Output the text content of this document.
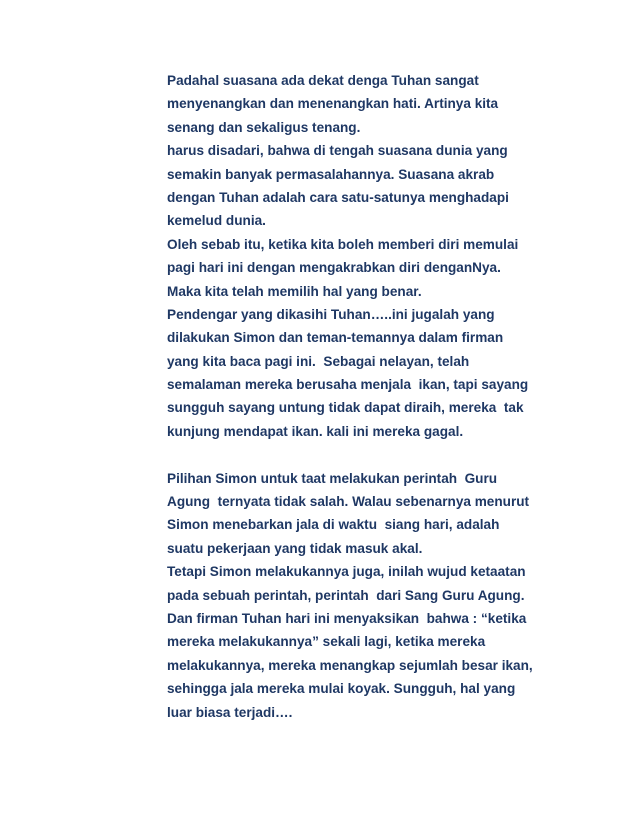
Padahal suasana ada dekat denga Tuhan sangat
menyenangkan dan menenangkan hati. Artinya kita
senang dan sekaligus tenang.
harus disadari, bahwa di tengah suasana dunia yang
semakin banyak permasalahannya. Suasana akrab
dengan Tuhan adalah cara satu-satunya menghadapi
kemelud dunia.
Oleh sebab itu, ketika kita boleh memberi diri memulai
pagi hari ini dengan mengakrabkan diri denganNya.
Maka kita telah memilih hal yang benar.
Pendengar yang dikasihi Tuhan…..ini jugalah yang
dilakukan Simon dan teman-temannya dalam firman
yang kita baca pagi ini.  Sebagai nelayan, telah
semalaman mereka berusaha menjala  ikan, tapi sayang
sungguh sayang untung tidak dapat diraih, mereka  tak
kunjung mendapat ikan. kali ini mereka gagal.
Pilihan Simon untuk taat melakukan perintah  Guru
Agung  ternyata tidak salah. Walau sebenarnya menurut
Simon menebarkan jala di waktu  siang hari, adalah
suatu pekerjaan yang tidak masuk akal.
Tetapi Simon melakukannya juga, inilah wujud ketaatan
pada sebuah perintah, perintah  dari Sang Guru Agung.
Dan firman Tuhan hari ini menyaksikan  bahwa : “ketika
mereka melakukannya” sekali lagi, ketika mereka
melakukannya, mereka menangkap sejumlah besar ikan,
sehingga jala mereka mulai koyak. Sungguh, hal yang
luar biasa terjadi….
